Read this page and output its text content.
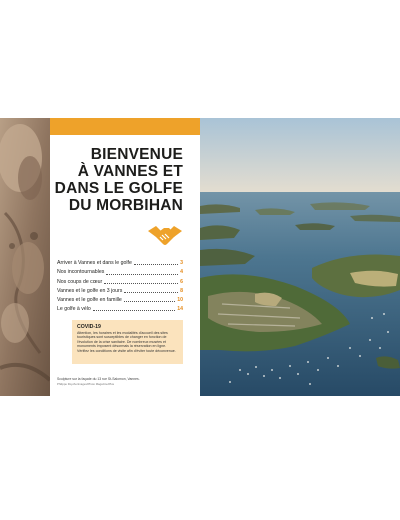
BIENVENUE
À VANNES ET
DANS LE GOLFE
DU MORBIHAN
Arriver à Vannes et dans le golfe	3
Nos incontournables	4
Nos coups de cœur	6
Vannes et le golfe en 3 jours	8
Vannes et le golfe en famille	10
Le golfe à vélo	14
COVID-19
Attention, les horaires et les modalités d'accueil des sites touristiques sont susceptibles de changer en fonction de l'évolution de la crise sanitaire. De nombreux musées et monuments imposent désormais la réservation en ligne. Vérifiez les conditions de visite afin d'éviter toute déconvenue.
Sculpture sur la façade du 13 rue St-Salomon, Vannes.
Philippe Roy/Aurimages/Photo Magazine/Plus
